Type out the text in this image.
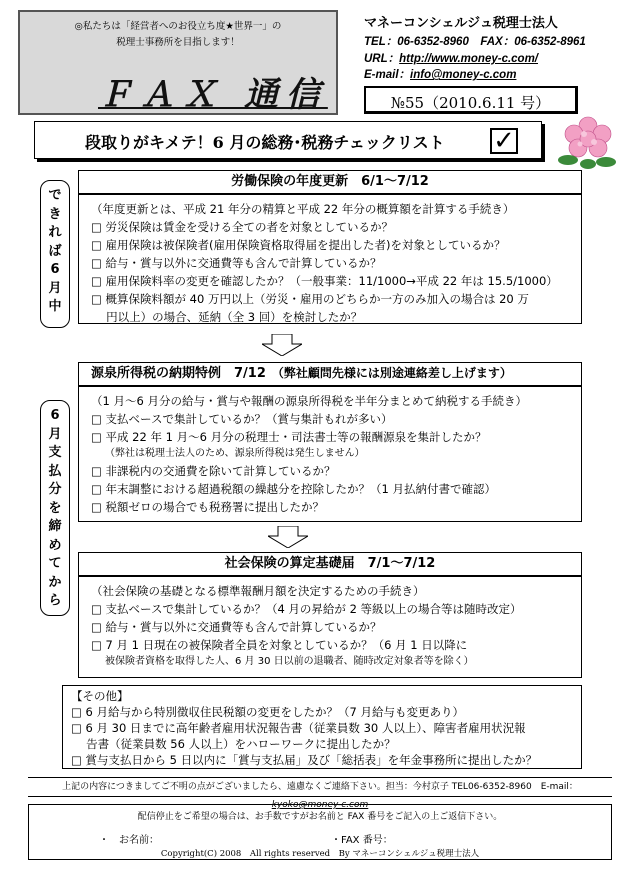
◎私たちは「経営者へのお役立ち度★世界一」の
税理士事務所を目指します！
ＦＡＸ 通信
マネーコンシェルジュ税理士法人
TEL：06-6352-8960　FAX：06-6352-8961
URL：http://www.money-c.com/
E-mail：info@money-c.com
№55（2010.6.11 号）
段取りがキメテ！6 月の総務･税務チェックリスト ✓
で
き
れ
ば
6
月
中
労働保険の年度更新　6/1～7/12
（年度更新とは、平成 21 年分の精算と平成 22 年分の概算額を計算する手続き）
□ 労災保険は賃金を受ける全ての者を対象としているか？
□ 雇用保険は被保険者(雇用保険資格取得届を提出した者)を対象としているか？
□ 給与・賞与以外に交通費等も含んで計算しているか？
□ 雇用保険料率の変更を確認したか？（一般事業：11/1000→平成 22 年は 15.5/1000）
□ 概算保険料額が 40 万円以上（労災・雇用のどちらか一方のみ加入の場合は 20 万
　 円以上）の場合、延納（全 3 回）を検討したか？
6
月
支
払
分
を
締
め
て
か
ら
源泉所得税の納期特例　7/12 （弊社顧問先様には別途連絡差し上げます）
（1 月～6 月分の給与・賞与や報酬の源泉所得税を半年分まとめて納税する手続き）
□ 支払ベースで集計しているか？（賞与集計もれが多い）
□ 平成 22 年 1 月～6 月分の税理士・司法書士等の報酬源泉を集計したか？
（弊社は税理士法人のため、源泉所得税は発生しません）
□ 非課税内の交通費を除いて計算しているか？
□ 年末調整における超過税額の繰越分を控除したか？（1 月払納付書で確認）
□ 税額ゼロの場合でも税務署に提出したか？
社会保険の算定基礎届　7/1～7/12
（社会保険の基礎となる標準報酬月額を決定するための手続き）
□ 支払ベースで集計しているか？（4 月の昇給が 2 等級以上の場合等は随時改定）
□ 給与・賞与以外に交通費等も含んで計算しているか？
□ 7 月 1 日現在の被保険者全員を対象としているか？（6 月 1 日以降に
被保険者資格を取得した人、6 月 30 日以前の退職者、随時改定対象者等を除く）
【その他】
□ 6 月給与から特別徴収住民税額の変更をしたか？（7 月給与も変更あり）
□ 6 月 30 日までに高年齢者雇用状況報告書（従業員数 30 人以上）、障害者雇用状況報
　 告書（従業員数 56 人以上）をハローワークに提出したか？
□ 賞与支払日から 5 日以内に「賞与支払届」及び「総括表」を年金事務所に提出したか？
上記の内容につきましてご不明の点がございましたら、遠慮なくご連絡下さい。担当：今村京子 TEL06-6352-8960　E-mail：kyoko@money-c.com
配信停止をご希望の場合は、お手数ですがお名前と FAX 番号をご記入の上ご返信下さい。
・　お名前：	・FAX 番号：
Copyright(C) 2008　All rights reserved　By マネーコンシェルジュ税理士法人
